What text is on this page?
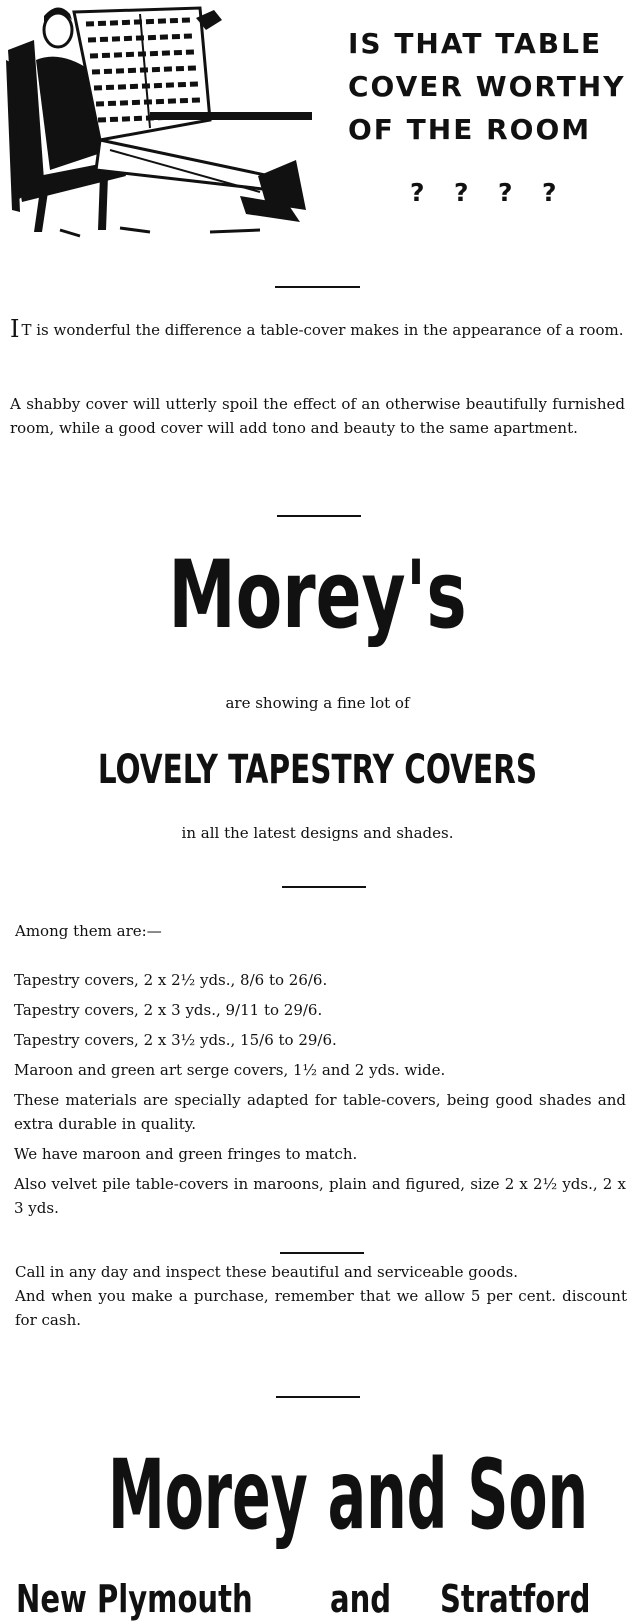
IS THAT TABLE
COVER WORTHY
OF THE ROOM
? ? ? ?
I T is wonderful the difference a table-cover makes in the appearance of a room.
A shabby cover will utterly spoil the effect of an otherwise beautifully furnished room, while a good cover will add tono and beauty to the same apartment.
Morey's
are showing a fine lot of
LOVELY TAPESTRY COVERS
in all the latest designs and shades.
Among them are:—
Tapestry covers, 2 x 2½ yds., 8/6 to 26/6.
Tapestry covers, 2 x 3 yds., 9/11 to 29/6.
Tapestry covers, 2 x 3½ yds., 15/6 to 29/6.
Maroon and green art serge covers, 1½ and 2 yds. wide.
These materials are specially adapted for table-covers, being good shades and extra durable in quality.
We have maroon and green fringes to match.
Also velvet pile table-covers in maroons, plain and figured, size 2 x 2½ yds., 2 x 3 yds.
Call in any day and inspect these beautiful and serviceable goods.
And when you make a purchase, remember that we allow 5 per cent. discount for cash.
Morey and Son
New Plymouth and Stratford
